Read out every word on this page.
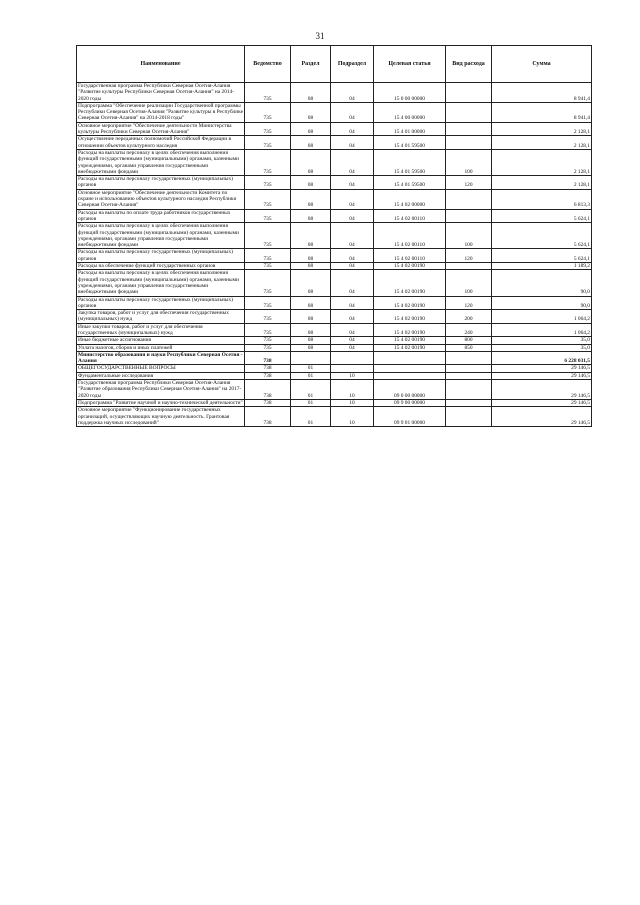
31
Наименование	Ведомство	Раздел	Подраздел	Целевая статья	Вид расхода	Сумма
Государственная программа Республики Северная Осетия-Алания "Развитие культуры Республики Северная Осетия-Алания" на 2014-2020 годы	735	08	04	15 0 00 00000		8 941,4
Подпрограмма "Обеспечение реализации Государственной программы Республики Северная Осетия-Алания "Развитие культуры в Республике Северная Осетия-Алания" на 2014-2018 годы"	735	08	04	15 4 00 00000		8 941,4
Основное мероприятие "Обеспечение деятельности Министерства культуры Республики Северная Осетия-Алания"	735	08	04	15 4 01 00000		2 128,1
Осуществление переданных полномочий Российской Федерации в отношении объектов культурного наследия	735	08	04	15 4 01 59500		2 128,1
Расходы на выплаты персоналу в целях обеспечения выполнения функций государственными (муниципальными) органами, казенными учреждениями, органами управления государственными внебюджетными фондами	735	08	04	15 4 01 59500	100	2 128,1
Расходы на выплаты персоналу государственных (муниципальных) органов	735	08	04	15 4 01 59500	120	2 128,1
Основное мероприятие "Обеспечение деятельности Комитета по охране и использованию объектов культурного наследия Республики Северная Осетия-Алания"	735	08	04	15 4 02 00000		6 813,3
Расходы на выплаты по оплате труда работников государственных органов	735	08	04	15 4 02 00110		5 624,1
Расходы на выплаты персоналу в целях обеспечения выполнения функций государственными (муниципальными) органами, казенными учреждениями, органами управления государственными внебюджетными фондами	735	08	04	15 4 02 00110	100	5 624,1
Расходы на выплаты персоналу государственных (муниципальных) органов	735	08	04	15 4 02 00110	120	5 624,1
Расходы на обеспечение функций государственных органов	735	08	04	15 4 02 00190		1 189,2
Расходы на выплаты персоналу в целях обеспечения выполнения функций государственными (муниципальными) органами, казенными учреждениями, органами управления государственными внебюджетными фондами	735	08	04	15 4 02 00190	100	90,0
Расходы на выплаты персоналу государственных (муниципальных) органов	735	08	04	15 4 02 00190	120	90,0
Закупка товаров, работ и услуг для обеспечения государственных (муниципальных) нужд	735	08	04	15 4 02 00190	200	1 064,2
Иные закупки товаров, работ и услуг для обеспечения государственных (муниципальных) нужд	735	08	04	15 4 02 00190	240	1 064,2
Иные бюджетные ассигнования	735	08	04	15 4 02 00190	800	35,0
Уплата налогов, сборов и иных платежей	735	08	04	15 4 02 00190	850	35,0
Министерство образования и науки Республики Северная Осетия - Алания	738					6 228 031,5
ОБЩЕГОСУДАРСТВЕННЫЕ ВОПРОСЫ	738	01				29 146,5
Фундаментальные исследования	738	01	10			29 146,5
Государственная программа Республики Северная Осетия-Алания "Развитие образования Республики Северная Осетия-Алания" на 2017-2020 годы	738	01	10	09 0 00 00000		29 146,5
Подпрограмма "Развитие научной и научно-технической деятельности"	738	01	10	09 9 00 00000		29 146,5
Основное мероприятие "Функционирование государственных организаций, осуществляющих научную деятельность. Грантовая поддержка научных исследований"	738	01	10	09 9 01 00000		29 146,5
